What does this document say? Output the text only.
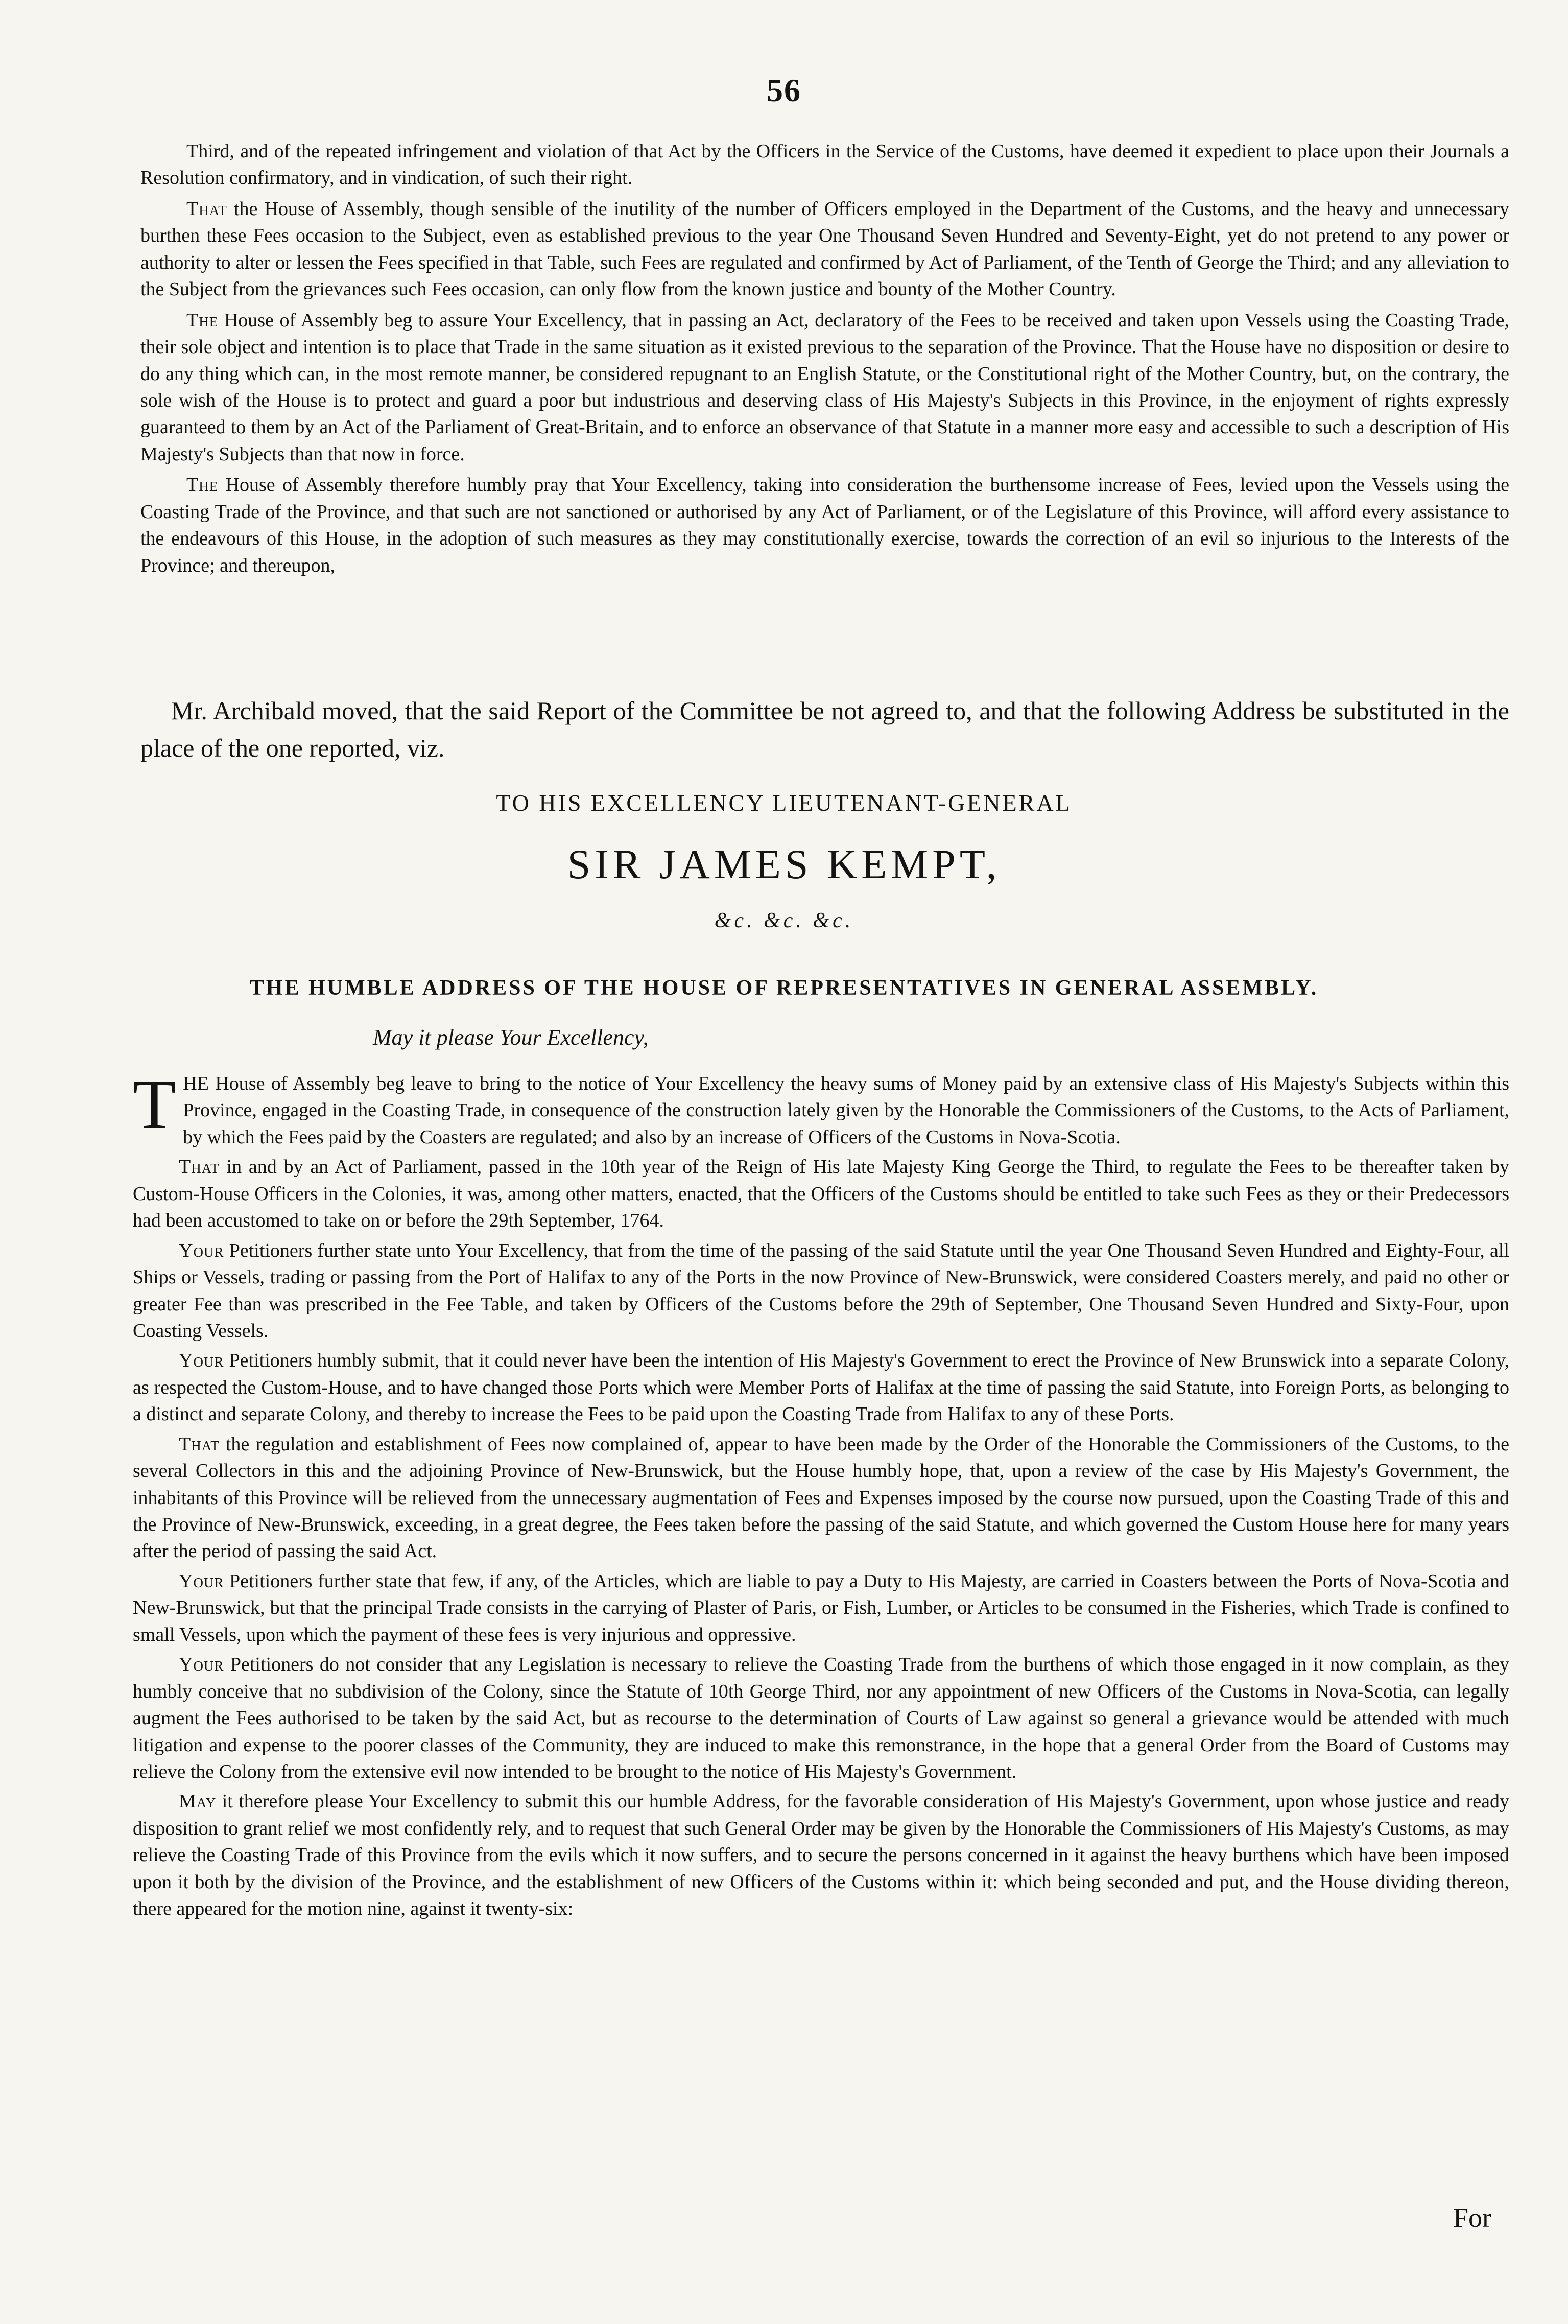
56

Third, and of the repeated infringement and violation of that Act by the Officers in the Service of the Customs, have deemed it expedient to place upon their Journals a Resolution confirmatory, and in vindication, of such their right.

That the House of Assembly, though sensible of the inutility of the number of Officers employed in the Department of the Customs, and the heavy and unnecessary burthen these Fees occasion to the Subject, even as established previous to the year One Thousand Seven Hundred and Seventy-Eight, yet do not pretend to any power or authority to alter or lessen the Fees specified in that Table, such Fees are regulated and confirmed by Act of Parliament, of the Tenth of George the Third; and any alleviation to the Subject from the grievances such Fees occasion, can only flow from the known justice and bounty of the Mother Country.

The House of Assembly beg to assure Your Excellency, that in passing an Act, declaratory of the Fees to be received and taken upon Vessels using the Coasting Trade, their sole object and intention is to place that Trade in the same situation as it existed previous to the separation of the Province. That the House have no disposition or desire to do any thing which can, in the most remote manner, be considered repugnant to an English Statute, or the Constitutional right of the Mother Country, but, on the contrary, the sole wish of the House is to protect and guard a poor but industrious and deserving class of His Majesty's Subjects in this Province, in the enjoyment of rights expressly guaranteed to them by an Act of the Parliament of Great-Britain, and to enforce an observance of that Statute in a manner more easy and accessible to such a description of His Majesty's Subjects than that now in force.

The House of Assembly therefore humbly pray that Your Excellency, taking into consideration the burthensome increase of Fees, levied upon the Vessels using the Coasting Trade of the Province, and that such are not sanctioned or authorised by any Act of Parliament, or of the Legislature of this Province, will afford every assistance to the endeavours of this House, in the adoption of such measures as they may constitutionally exercise, towards the correction of an evil so injurious to the Interests of the Province; and thereupon,

Mr. Archibald moved, that the said Report of the Committee be not agreed to, and that the following Address be substituted in the place of the one reported, viz.

TO HIS EXCELLENCY LIEUTENANT-GENERAL
SIR JAMES KEMPT,
&c. &c. &c.
THE HUMBLE ADDRESS OF THE HOUSE OF REPRESENTATIVES IN GENERAL ASSEMBLY.
May it please Your Excellency,

THE House of Assembly beg leave to bring to the notice of Your Excellency the heavy sums of Money paid by an extensive class of His Majesty's Subjects within this Province, engaged in the Coasting Trade, in consequence of the construction lately given by the Honorable the Commissioners of the Customs, to the Acts of Parliament, by which the Fees paid by the Coasters are regulated; and also by an increase of Officers of the Customs in Nova-Scotia.

That in and by an Act of Parliament, passed in the 10th year of the Reign of His late Majesty King George the Third, to regulate the Fees to be thereafter taken by Custom-House Officers in the Colonies, it was, among other matters, enacted, that the Officers of the Customs should be entitled to take such Fees as they or their Predecessors had been accustomed to take on or before the 29th September, 1764.

Your Petitioners further state unto Your Excellency, that from the time of the passing of the said Statute until the year One Thousand Seven Hundred and Eighty-Four, all Ships or Vessels, trading or passing from the Port of Halifax to any of the Ports in the now Province of New-Brunswick, were considered Coasters merely, and paid no other or greater Fee than was prescribed in the Fee Table, and taken by Officers of the Customs before the 29th of September, One Thousand Seven Hundred and Sixty-Four, upon Coasting Vessels.

Your Petitioners humbly submit, that it could never have been the intention of His Majesty's Government to erect the Province of New Brunswick into a separate Colony, as respected the Custom-House, and to have changed those Ports which were Member Ports of Halifax at the time of passing the said Statute, into Foreign Ports, as belonging to a distinct and separate Colony, and thereby to increase the Fees to be paid upon the Coasting Trade from Halifax to any of these Ports.

That the regulation and establishment of Fees now complained of, appear to have been made by the Order of the Honorable the Commissioners of the Customs, to the several Collectors in this and the adjoining Province of New-Brunswick, but the House humbly hope, that, upon a review of the case by His Majesty's Government, the inhabitants of this Province will be relieved from the unnecessary augmentation of Fees and Expenses imposed by the course now pursued, upon the Coasting Trade of this and the Province of New-Brunswick, exceeding, in a great degree, the Fees taken before the passing of the said Statute, and which governed the Custom House here for many years after the period of passing the said Act.

Your Petitioners further state that few, if any, of the Articles, which are liable to pay a Duty to His Majesty, are carried in Coasters between the Ports of Nova-Scotia and New-Brunswick, but that the principal Trade consists in the carrying of Plaster of Paris, or Fish, Lumber, or Articles to be consumed in the Fisheries, which Trade is confined to small Vessels, upon which the payment of these fees is very injurious and oppressive.

Your Petitioners do not consider that any Legislation is necessary to relieve the Coasting Trade from the burthens of which those engaged in it now complain, as they humbly conceive that no subdivision of the Colony, since the Statute of 10th George Third, nor any appointment of new Officers of the Customs in Nova-Scotia, can legally augment the Fees authorised to be taken by the said Act, but as recourse to the determination of Courts of Law against so general a grievance would be attended with much litigation and expense to the poorer classes of the Community, they are induced to make this remonstrance, in the hope that a general Order from the Board of Customs may relieve the Colony from the extensive evil now intended to be brought to the notice of His Majesty's Government.

May it therefore please Your Excellency to submit this our humble Address, for the favorable consideration of His Majesty's Government, upon whose justice and ready disposition to grant relief we most confidently rely, and to request that such General Order may be given by the Honorable the Commissioners of His Majesty's Customs, as may relieve the Coasting Trade of this Province from the evils which it now suffers, and to secure the persons concerned in it against the heavy burthens which have been imposed upon it both by the division of the Province, and the establishment of new Officers of the Customs within it: which being seconded and put, and the House dividing thereon, there appeared for the motion nine, against it twenty-six:

For
